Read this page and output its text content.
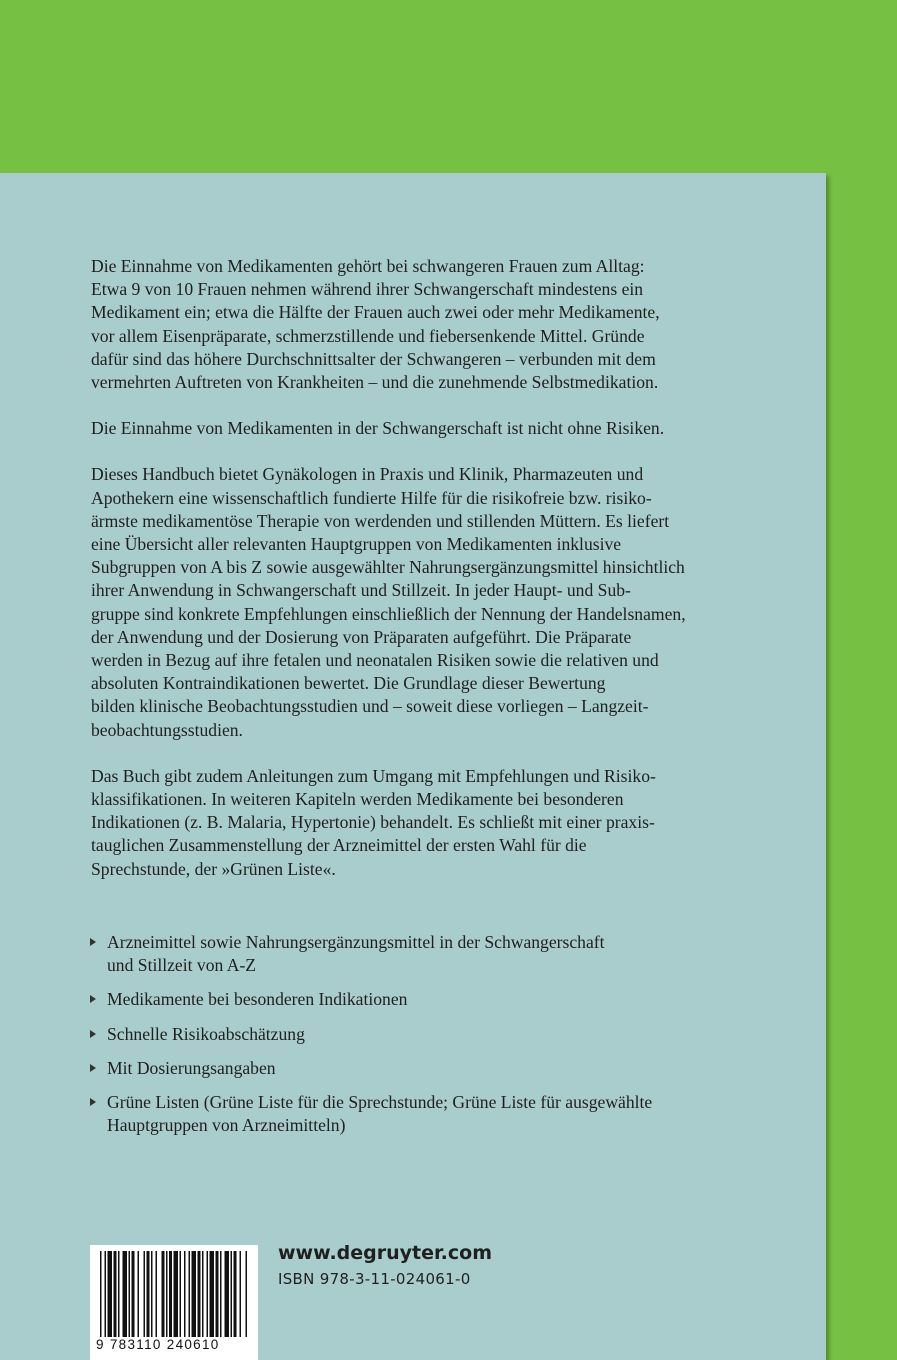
Die Einnahme von Medikamenten gehört bei schwangeren Frauen zum Alltag:
Etwa 9 von 10 Frauen nehmen während ihrer Schwangerschaft mindestens ein
Medikament ein; etwa die Hälfte der Frauen auch zwei oder mehr Medikamente,
vor allem Eisenpräparate, schmerzstillende und fiebersenkende Mittel. Gründe
dafür sind das höhere Durchschnittsalter der Schwangeren – verbunden mit dem
vermehrten Auftreten von Krankheiten – und die zunehmende Selbstmedikation.

Die Einnahme von Medikamenten in der Schwangerschaft ist nicht ohne Risiken.

Dieses Handbuch bietet Gynäkologen in Praxis und Klinik, Pharmazeuten und
Apothekern eine wissenschaftlich fundierte Hilfe für die risikofreie bzw. risiko-
ärmste medikamentöse Therapie von werdenden und stillenden Müttern. Es liefert
eine Übersicht aller relevanten Hauptgruppen von Medikamenten inklusive
Subgruppen von A bis Z sowie ausgewählter Nahrungsergänzungsmittel hinsichtlich
ihrer Anwendung in Schwangerschaft und Stillzeit. In jeder Haupt- und Sub-
gruppe sind konkrete Empfehlungen einschließlich der Nennung der Handelsnamen,
der Anwendung und der Dosierung von Präparaten aufgeführt. Die Präparate
werden in Bezug auf ihre fetalen und neonatalen Risiken sowie die relativen und
absoluten Kontraindikationen bewertet. Die Grundlage dieser Bewertung
bilden klinische Beobachtungsstudien und – soweit diese vorliegen – Langzeit-
beobachtungsstudien.

Das Buch gibt zudem Anleitungen zum Umgang mit Empfehlungen und Risiko-
klassifikationen. In weiteren Kapiteln werden Medikamente bei besonderen
Indikationen (z. B. Malaria, Hypertonie) behandelt. Es schließt mit einer praxis-
tauglichen Zusammenstellung der Arzneimittel der ersten Wahl für die
Sprechstunde, der »Grünen Liste«.

Arzneimittel sowie Nahrungsergänzungsmittel in der Schwangerschaft
und Stillzeit von A-Z
Medikamente bei besonderen Indikationen
Schnelle Risikoabschätzung
Mit Dosierungsangaben
Grüne Listen (Grüne Liste für die Sprechstunde; Grüne Liste für ausgewählte
Hauptgruppen von Arzneimitteln)
9 783110 240610
www.degruyter.com
ISBN 978-3-11-024061-0
